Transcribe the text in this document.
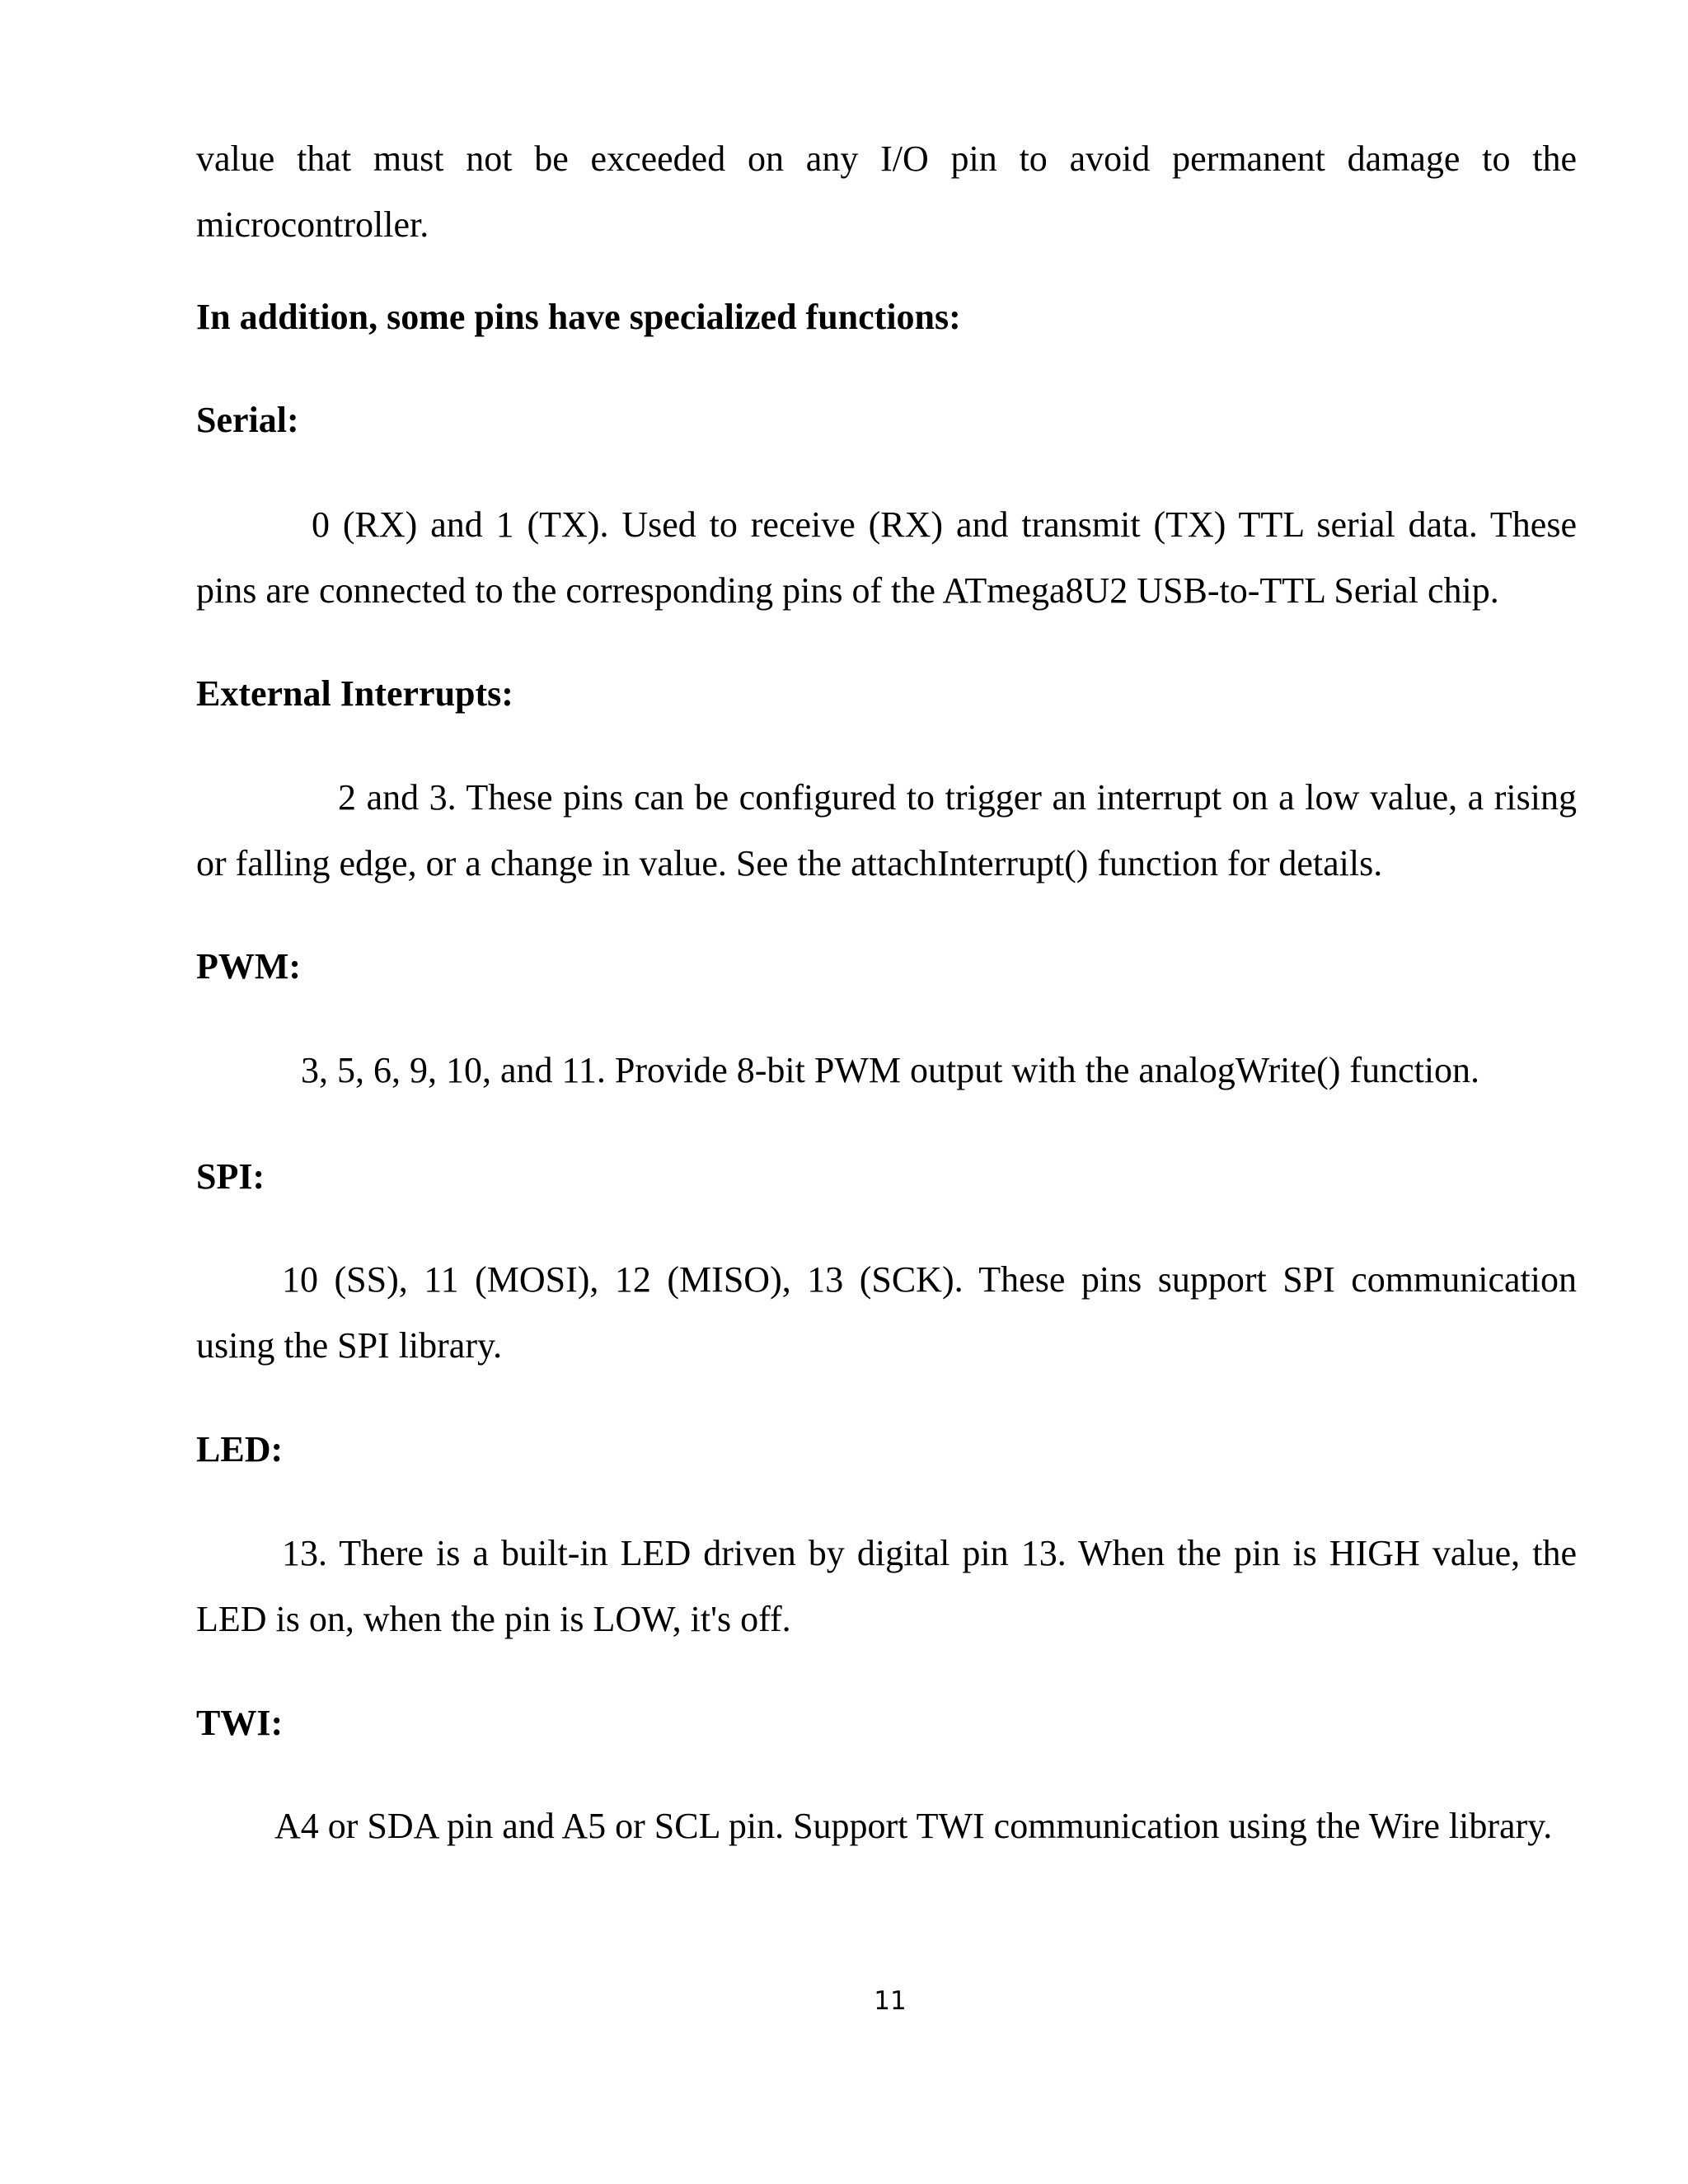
value that must not be exceeded on any I/O pin to avoid permanent damage to the microcontroller.

In addition, some pins have specialized functions:

Serial:

0 (RX) and 1 (TX). Used to receive (RX) and transmit (TX) TTL serial data. These pins are connected to the corresponding pins of the ATmega8U2 USB-to-TTL Serial chip.

External Interrupts:

2 and 3. These pins can be configured to trigger an interrupt on a low value, a rising or falling edge, or a change in value. See the attachInterrupt() function for details.

PWM:

3, 5, 6, 9, 10, and 11. Provide 8-bit PWM output with the analogWrite() function.

SPI:

10 (SS), 11 (MOSI), 12 (MISO), 13 (SCK). These pins support SPI communication using the SPI library.

LED:

13. There is a built-in LED driven by digital pin 13. When the pin is HIGH value, the LED is on, when the pin is LOW, it's off.

TWI:

A4 or SDA pin and A5 or SCL pin. Support TWI communication using the Wire library.

11
